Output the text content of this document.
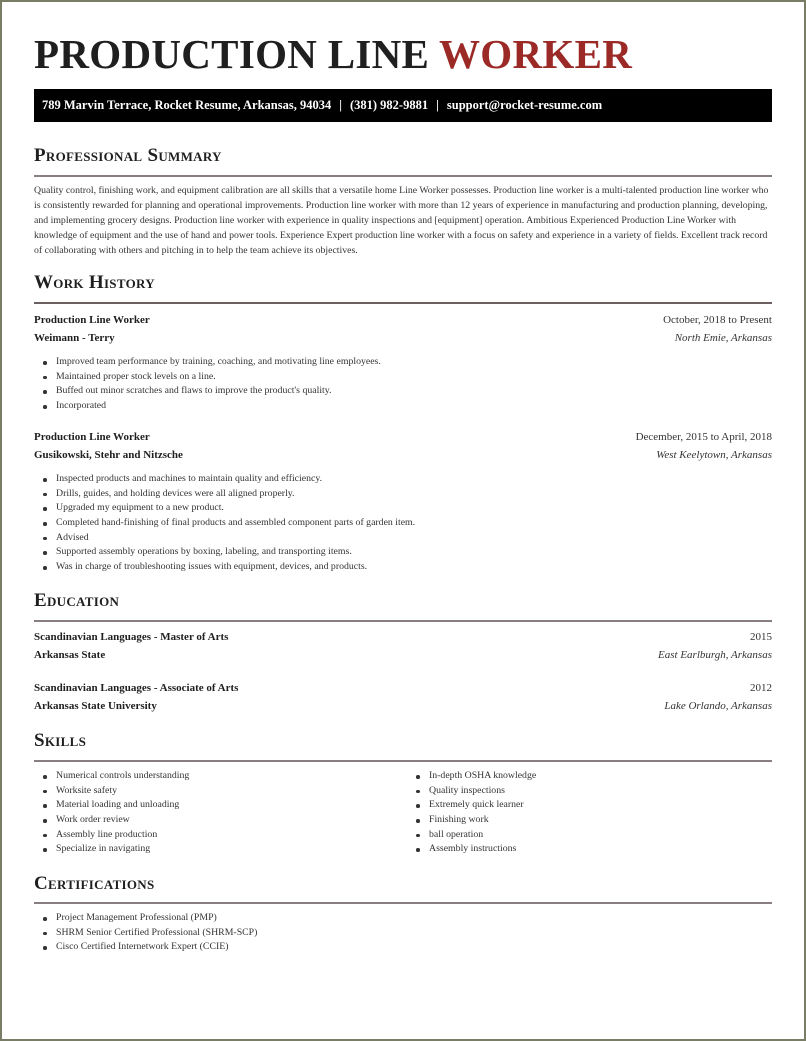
PRODUCTION LINE WORKER
789 Marvin Terrace, Rocket Resume, Arkansas, 94034 | (381) 982-9881 | support@rocket-resume.com
Professional Summary

Quality control, finishing work, and equipment calibration are all skills that a versatile home Line Worker possesses. Production line worker is a multi-talented production line worker who is consistently rewarded for planning and operational improvements. Production line worker with more than 12 years of experience in manufacturing and production planning, developing, and implementing grocery designs. Production line worker with experience in quality inspections and [equipment] operation. Ambitious Experienced Production Line Worker with knowledge of equipment and the use of hand and power tools. Experience Expert production line worker with a focus on safety and experience in a variety of fields. Excellent track record of collaborating with others and pitching in to help the team achieve its objectives.

Work History
Production Line Worker	October, 2018 to Present
Weimann - Terry	North Emie, Arkansas
Improved team performance by training, coaching, and motivating line employees.
Maintained proper stock levels on a line.
Buffed out minor scratches and flaws to improve the product's quality.
Incorporated
Production Line Worker	December, 2015 to April, 2018
Gusikowski, Stehr and Nitzsche	West Keelytown, Arkansas
Inspected products and machines to maintain quality and efficiency.
Drills, guides, and holding devices were all aligned properly.
Upgraded my equipment to a new product.
Completed hand-finishing of final products and assembled component parts of garden item.
Advised
Supported assembly operations by boxing, labeling, and transporting items.
Was in charge of troubleshooting issues with equipment, devices, and products.
Education
Scandinavian Languages - Master of Arts	2015
Arkansas State	East Earlburgh, Arkansas
Scandinavian Languages - Associate of Arts	2012
Arkansas State University	Lake Orlando, Arkansas
Skills
Numerical controls understanding
Worksite safety
Material loading and unloading
Work order review
Assembly line production
Specialize in navigating
In-depth OSHA knowledge
Quality inspections
Extremely quick learner
Finishing work
ball operation
Assembly instructions
Certifications
Project Management Professional (PMP)
SHRM Senior Certified Professional (SHRM-SCP)
Cisco Certified Internetwork Expert (CCIE)
